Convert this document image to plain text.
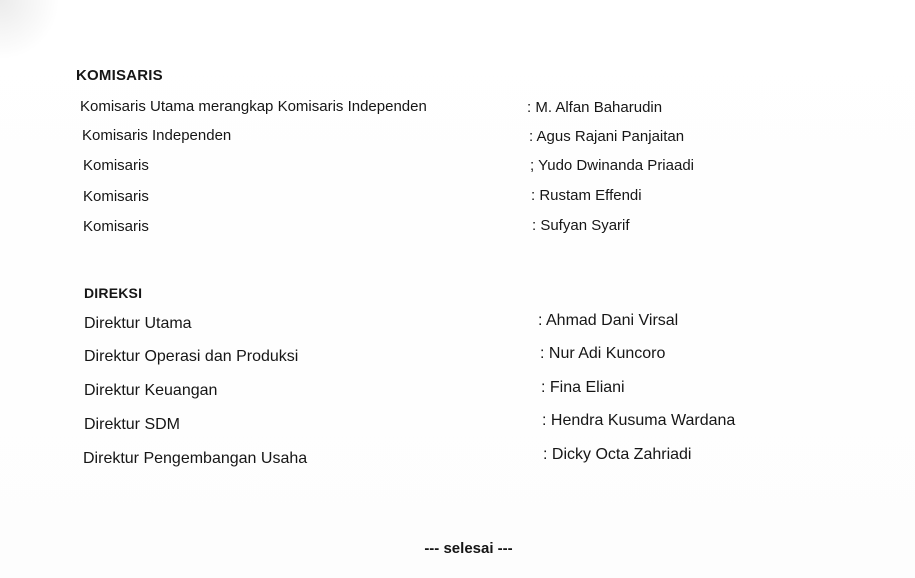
KOMISARIS
Komisaris Utama merangkap Komisaris Independen	: M. Alfan Baharudin
Komisaris Independen	: Agus Rajani Panjaitan
Komisaris	; Yudo Dwinanda Priaadi
Komisaris	: Rustam Effendi
Komisaris	: Sufyan Syarif
DIREKSI
Direktur Utama	: Ahmad Dani Virsal
Direktur Operasi dan Produksi	: Nur Adi Kuncoro
Direktur Keuangan	: Fina Eliani
Direktur SDM	: Hendra Kusuma Wardana
Direktur Pengembangan Usaha	: Dicky Octa Zahriadi
--- selesai ---
